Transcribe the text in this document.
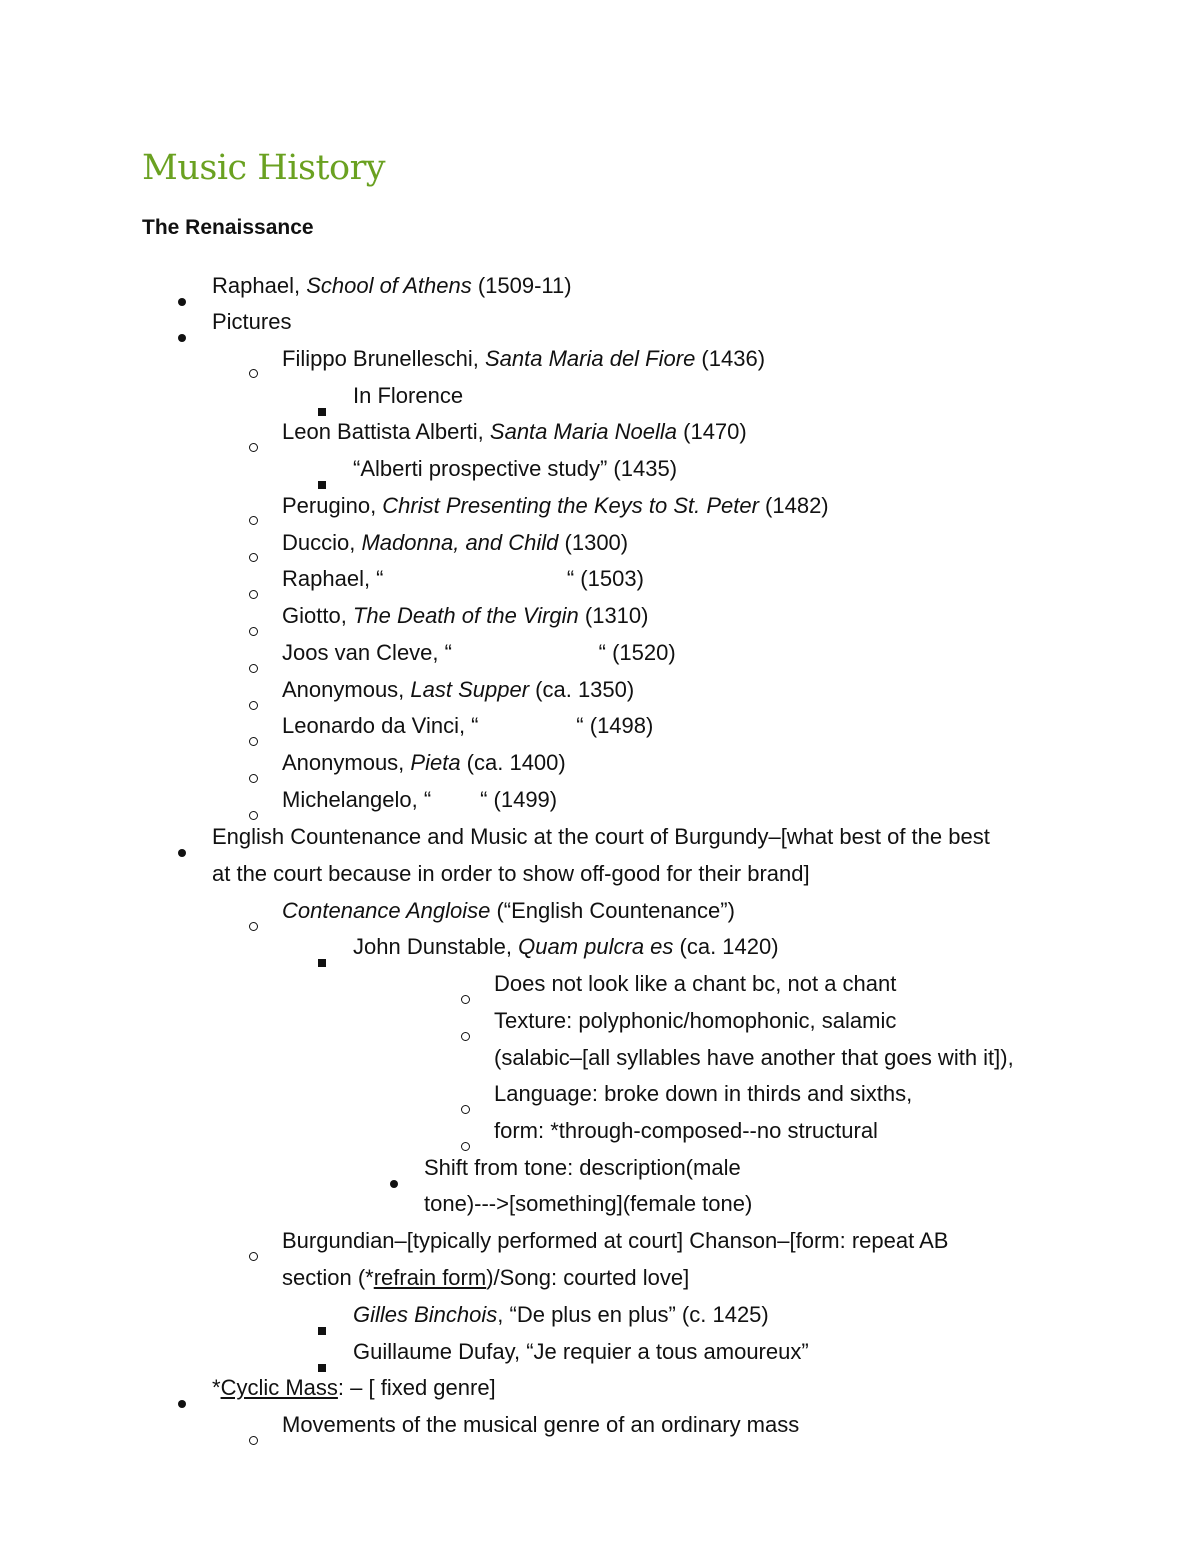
Music History
The Renaissance
Raphael, School of Athens (1509-11)
Pictures
Filippo Brunelleschi, Santa Maria del Fiore (1436)
In Florence
Leon Battista Alberti, Santa Maria Noella (1470)
“Alberti prospective study” (1435)
Perugino, Christ Presenting the Keys to St. Peter (1482)
Duccio, Madonna, and Child (1300)
Raphael, “                              “ (1503)
Giotto, The Death of the Virgin (1310)
Joos van Cleve, “                        “ (1520)
Anonymous, Last Supper (ca. 1350)
Leonardo da Vinci, “                “ (1498)
Anonymous, Pieta (ca. 1400)
Michelangelo, “        “ (1499)
English Countenance and Music at the court of Burgundy–[what best of the best
at the court because in order to show off-good for their brand]
Contenance Angloise (“English Countenance”)
John Dunstable, Quam pulcra es (ca. 1420)
Does not look like a chant bc, not a chant
Texture: polyphonic/homophonic, salamic
(salabic–[all syllables have another that goes with it]),
Language: broke down in thirds and sixths,
form: *through-composed--no structural
Shift from tone: description(male
tone)--->[something](female tone)
Burgundian–[typically performed at court] Chanson–[form: repeat AB
section (*refrain form)/Song: courted love]
Gilles Binchois, “De plus en plus” (c. 1425)
Guillaume Dufay, “Je requier a tous amoureux”
*Cyclic Mass: – [ fixed genre]
Movements of the musical genre of an ordinary mass
